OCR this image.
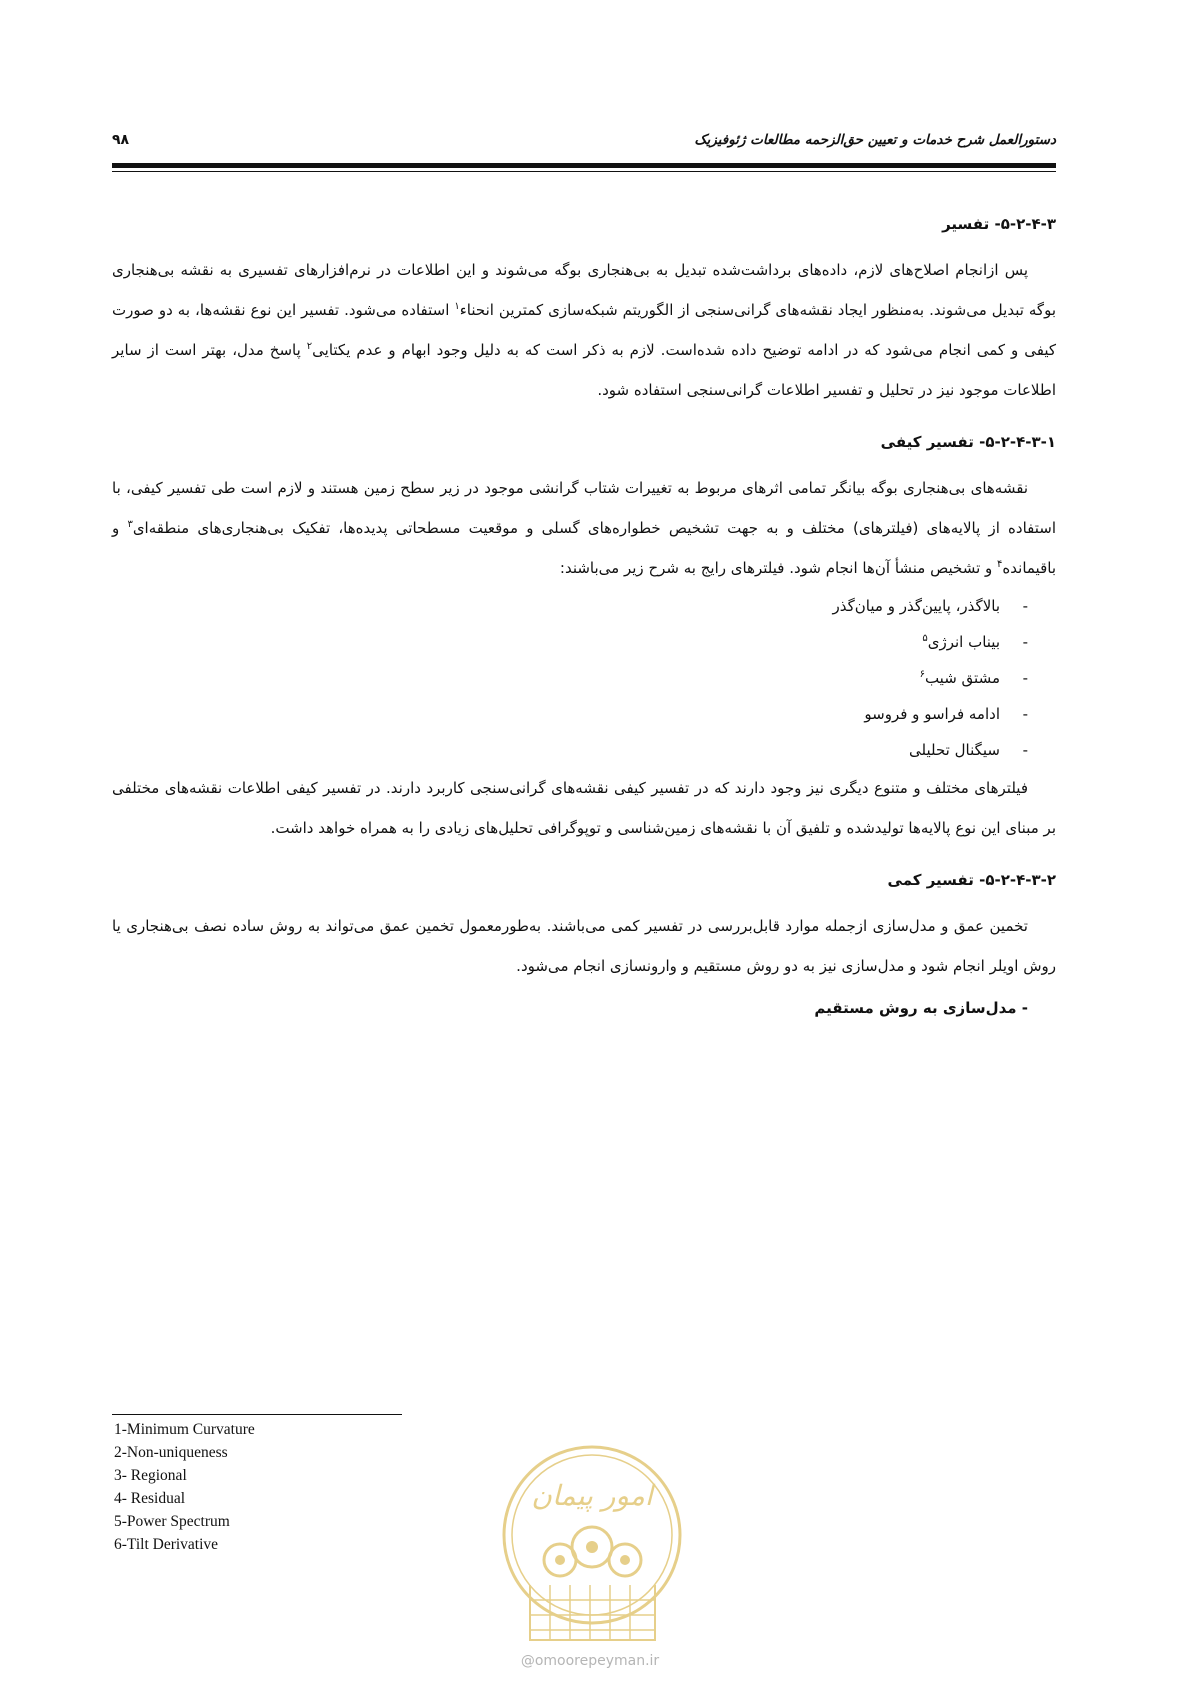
دستورالعمل شرح خدمات و تعیین حق‌الزحمه مطالعات ژئوفیزیک
۹۸
۵-۲-۴-۳- تفسیر

پس ازانجام اصلاح‌های لازم، داده‌های برداشت‌شده تبدیل به بی‌هنجاری بوگه می‌شوند و این اطلاعات در نرم‌افزارهای تفسیری به نقشه بی‌هنجاری بوگه تبدیل می‌شوند. به‌منظور ایجاد نقشه‌های گرانی‌سنجی از الگوریتم شبکه‌سازی کمترین انحناء$^۱$ استفاده می‌شود. تفسیر این نوع نقشه‌ها، به دو صورت کیفی و کمی انجام می‌شود که در ادامه توضیح داده شده‌است. لازم به ذکر است که به دلیل وجود ابهام و عدم یکتایی$^۲$ پاسخ مدل، بهتر است از سایر اطلاعات موجود نیز در تحلیل و تفسیر اطلاعات گرانی‌سنجی استفاده شود.

۵-۲-۴-۳-۱- تفسیر کیفی

نقشه‌های بی‌هنجاری بوگه بیانگر تمامی اثرهای مربوط به تغییرات شتاب گرانشی موجود در زیر سطح زمین هستند و لازم است طی تفسیر کیفی، با استفاده از پالایه‌های (فیلترهای) مختلف و به جهت تشخیص خطواره‌های گسلی و موقعیت مسطحاتی پدیده‌ها، تفکیک بی‌هنجاری‌های منطقه‌ای$^۳$ و باقیمانده$^۴$ و تشخیص منشأ آن‌ها انجام شود. فیلترهای رایج به شرح زیر می‌باشند:

-بالاگذر، پایین‌گذر و میان‌گذر
-بیناب انرژی$^۵$
-مشتق شیب$^۶$
-ادامه فراسو و فروسو
-سیگنال تحلیلی

فیلترهای مختلف و متنوع دیگری نیز وجود دارند که در تفسیر کیفی نقشه‌های گرانی‌سنجی کاربرد دارند. در تفسیر کیفی اطلاعات نقشه‌های مختلفی بر مبنای این نوع پالایه‌ها تولیدشده و تلفیق آن با نقشه‌های زمین‌شناسی و توپوگرافی تحلیل‌های زیادی را به همراه خواهد داشت.

۵-۲-۴-۳-۲- تفسیر کمی

تخمین عمق و مدل‌سازی ازجمله موارد قابل‌بررسی در تفسیر کمی می‌باشند. به‌طورمعمول تخمین عمق می‌تواند به روش ساده نصف بی‌هنجاری یا روش اویلر انجام شود و مدل‌سازی نیز به دو روش مستقیم و وارونسازی انجام می‌شود.

- مدل‌سازی به روش مستقیم
1-Minimum Curvature
2-Non-uniqueness
3- Regional
4- Residual
5-Power Spectrum
6-Tilt Derivative
امور پیمان
@omoorepeyman.ir
